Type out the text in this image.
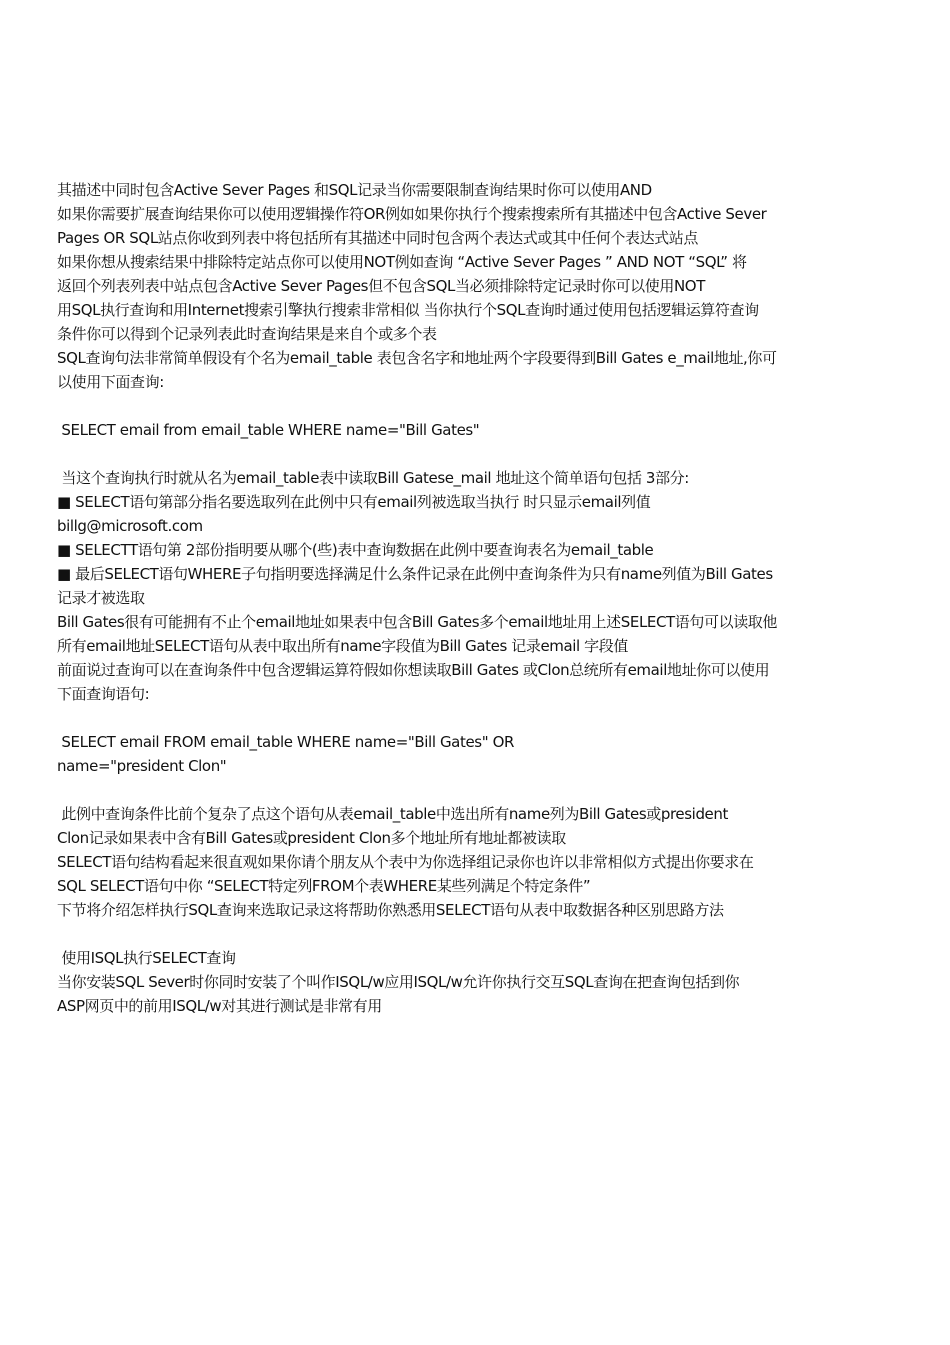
其描述中同时包含Active Sever Pages 和SQL记录当你需要限制查询结果时你可以使用AND
如果你需要扩展查询结果你可以使用逻辑操作符OR例如如果你执行个搜索搜索所有其描述中包含Active Sever
Pages OR SQL站点你收到列表中将包括所有其描述中同时包含两个表达式或其中任何个表达式站点
如果你想从搜索结果中排除特定站点你可以使用NOT例如查询 “Active Sever Pages ” AND NOT “SQL” 将
返回个列表列表中站点包含Active Sever Pages但不包含SQL当必须排除特定记录时你可以使用NOT
用SQL执行查询和用Internet搜索引擎执行搜索非常相似 当你执行个SQL查询时通过使用包括逻辑运算符查询
条件你可以得到个记录列表此时查询结果是来自个或多个表
SQL查询句法非常简单假设有个名为email_table 表包含名字和地址两个字段要得到Bill Gates e_mail地址,你可
以使用下面查询:
SELECT email from email_table WHERE name="Bill Gates"
当这个查询执行时就从名为email_table表中读取Bill Gatese_mail 地址这个简单语句包括 3部分:
■ SELECT语句第部分指名要选取列在此例中只有email列被选取当执行 时只显示email列值
billg@microsoft.com
■ SELECTT语句第 2部份指明要从哪个(些)表中查询数据在此例中要查询表名为email_table
■ 最后SELECT语句WHERE子句指明要选择满足什么条件记录在此例中查询条件为只有name列值为Bill Gates
记录才被选取
Bill Gates很有可能拥有不止个email地址如果表中包含Bill Gates多个email地址用上述SELECT语句可以读取他
所有email地址SELECT语句从表中取出所有name字段值为Bill Gates 记录email 字段值
前面说过查询可以在查询条件中包含逻辑运算符假如你想读取Bill Gates 或Clon总统所有email地址你可以使用
下面查询语句:
SELECT email FROM email_table WHERE name="Bill Gates" OR
name="president Clon"
此例中查询条件比前个复杂了点这个语句从表email_table中选出所有name列为Bill Gates或president
Clon记录如果表中含有Bill Gates或president Clon多个地址所有地址都被读取
SELECT语句结构看起来很直观如果你请个朋友从个表中为你选择组记录你也许以非常相似方式提出你要求在
SQL SELECT语句中你 “SELECT特定列FROM个表WHERE某些列满足个特定条件”
下节将介绍怎样执行SQL查询来选取记录这将帮助你熟悉用SELECT语句从表中取数据各种区别思路方法
使用ISQL执行SELECT查询
当你安装SQL Sever时你同时安装了个叫作ISQL/w应用ISQL/w允许你执行交互SQL查询在把查询包括到你
ASP网页中的前用ISQL/w对其进行测试是非常有用
